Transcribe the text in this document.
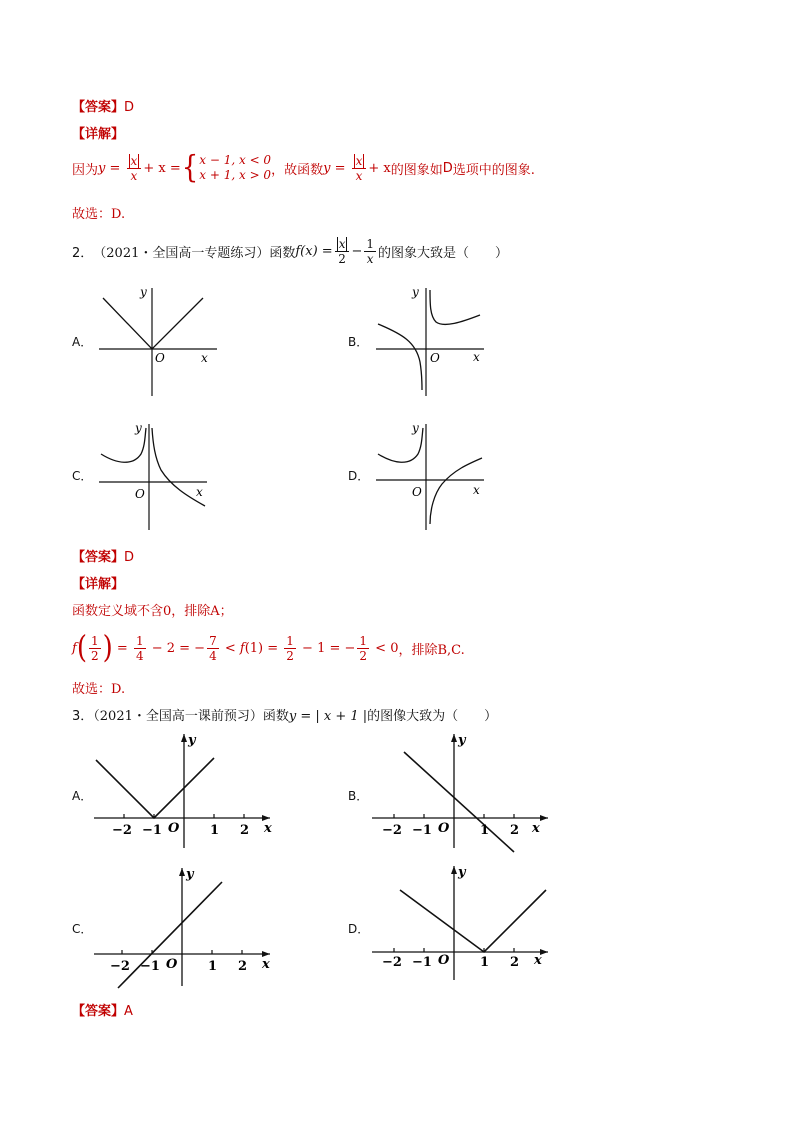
【答案】D
【详解】
因为 $y = \frac{x}{x} + x$ = { x − 1, x < 0
x + 1, x > 0 ，故函数 $y = \frac{x}{x} + x$ 的图象如 D 选项中的图象.
故选：D.
2． （2021・全国高一专题练习）函数 $f(x) = \frac{x}{2} - \frac{1}{x}$ 的图象大致是（　　）
A．	B．
C．	D．
y
x
O
y
x
O
y
x
O
y
x
O
【答案】D
【详解】
函数定义域不含0，排除A；
f ( $\frac{1}{2}$ ) = $\frac{1}{4} - 2$ = − $\frac{7}{4} < f$ $(1) = \frac{1}{2} - 1$ = − $\frac{1}{2} < 0$ ，排除B,C.
故选：D.
3．（2021・全国高一课前预习）函数y = | x + 1 |的图像大致为（　　）
A．	B．
C．	D．
−2 −1	1 2
O	x
y
−2 −1	1 2
O	x
y
−2 −1	1 2
O	x
y
−2 −1	1 2
O	x
y
【答案】A
